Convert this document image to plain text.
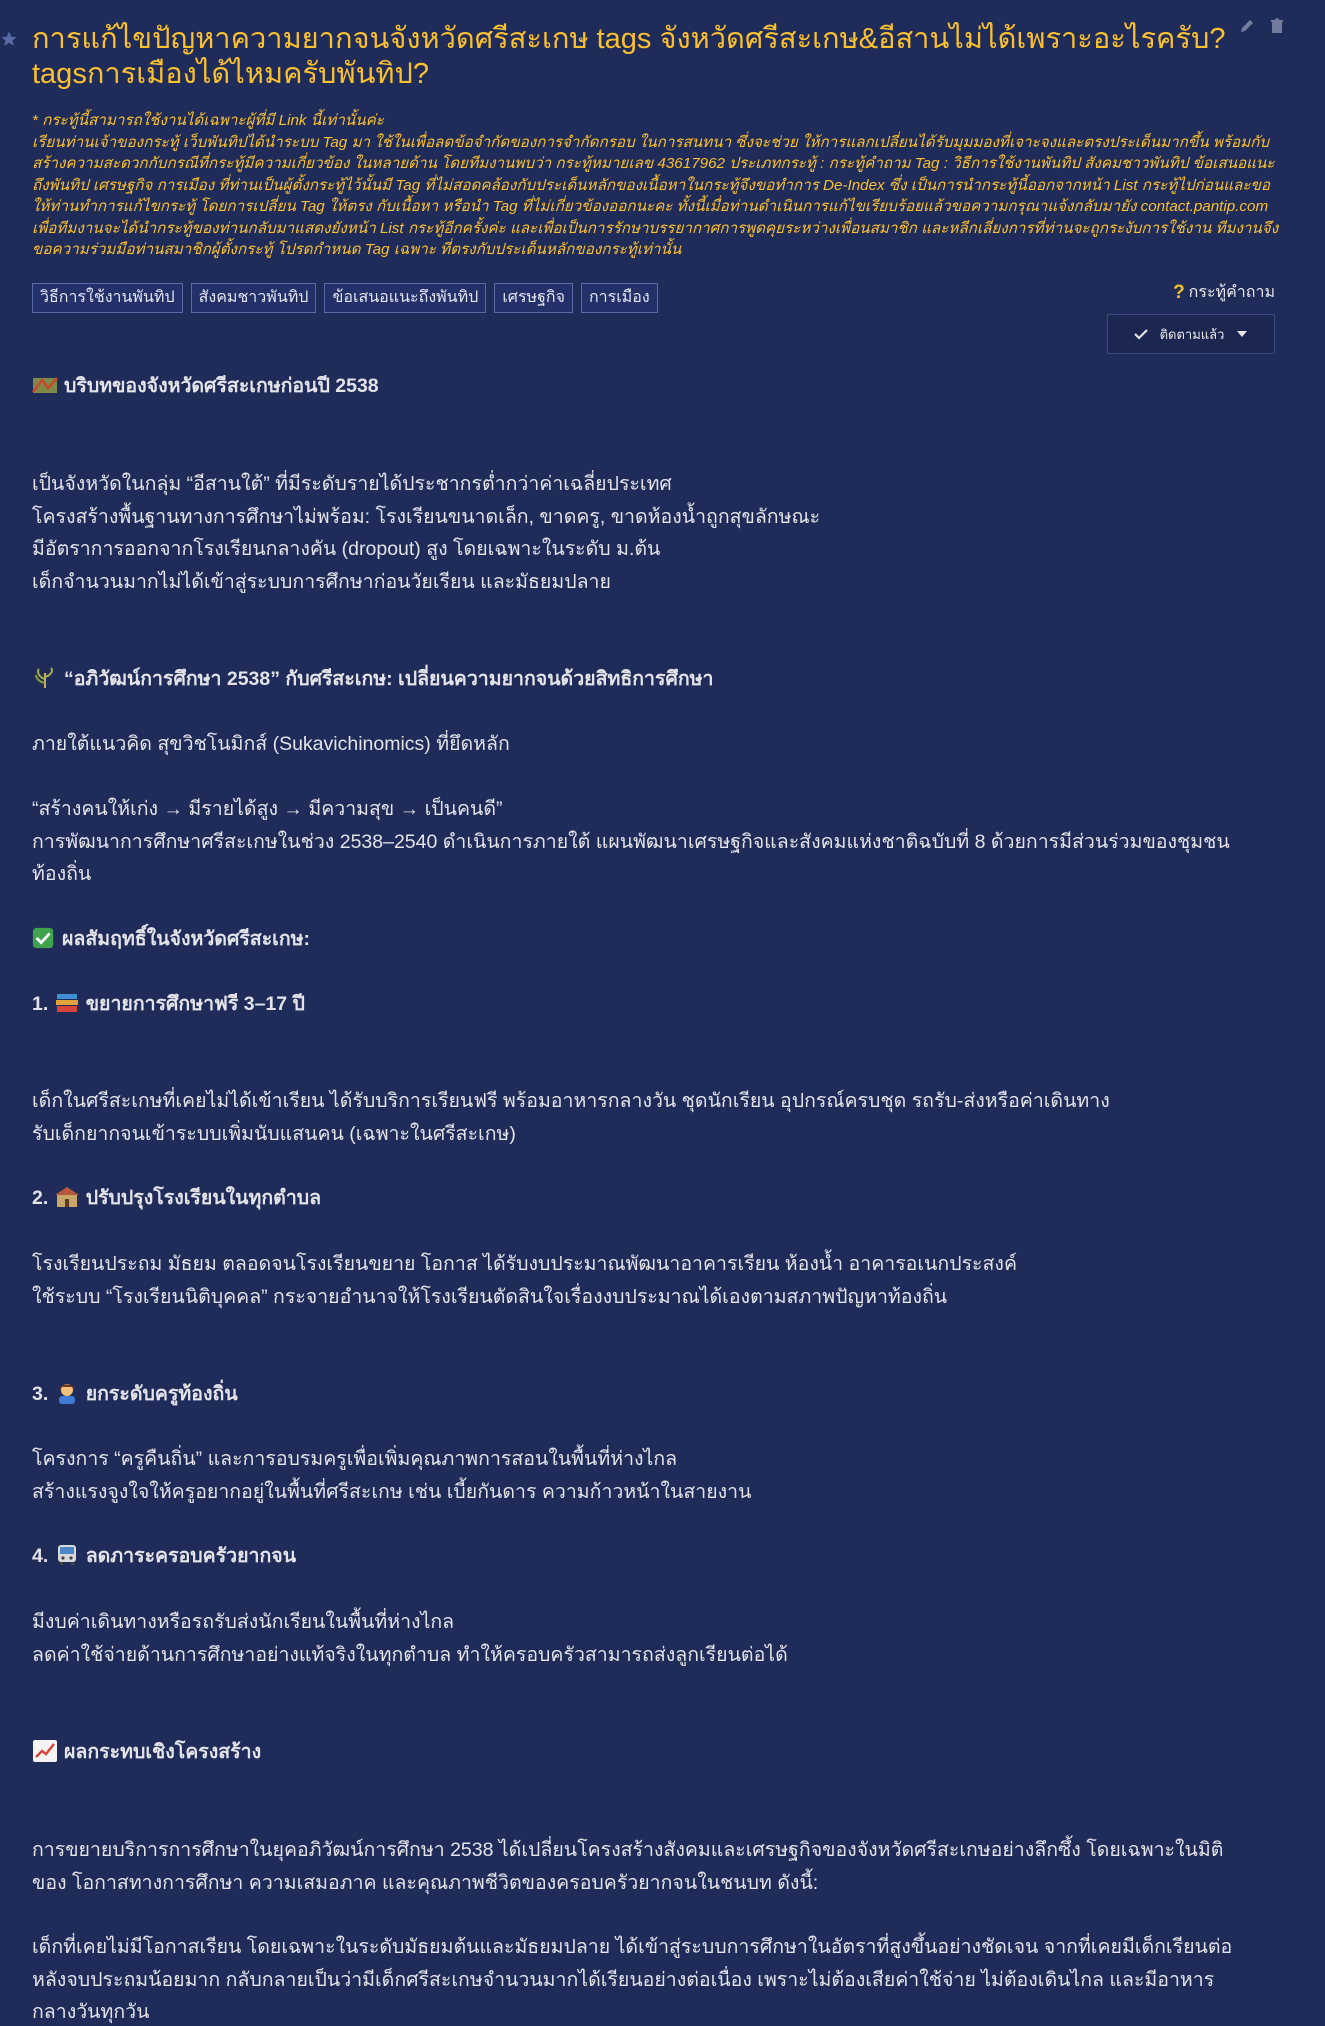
การแก้ไขปัญหาความยากจนจังหวัดศรีสะเกษ tags จังหวัดศรีสะเกษ&อีสานไม่ได้เพราะอะไรครับ? tagsการเมืองได้ไหมครับพันทิป?
* กระทู้นี้สามารถใช้งานได้เฉพาะผู้ที่มี Link นี้เท่านั้นค่ะ
เรียนท่านเจ้าของกระทู้ เว็บพันทิปได้นำระบบ Tag มา ใช้ในเพื่อลดข้อจำกัดของการจำกัดกรอบ ในการสนทนา ซึ่งจะช่วย ให้การแลกเปลี่ยนได้รับมุมมองที่เจาะจงและตรงประเด็นมากขึ้น พร้อมกับสร้างความสะดวกกับกรณีที่กระทู้มีความเกี่ยวข้อง ในหลายด้าน โดยทีมงานพบว่า กระทู้หมายเลข 43617962 ประเภทกระทู้ : กระทู้คำถาม Tag : วิธีการใช้งานพันทิป สังคมชาวพันทิป ข้อเสนอแนะถึงพันทิป เศรษฐกิจ การเมือง ที่ท่านเป็นผู้ตั้งกระทู้ไว้นั้นมี Tag ที่ไม่สอดคล้องกับประเด็นหลักของเนื้อหาในกระทู้จึงขอทำการ De-Index ซึ่ง เป็นการนำกระทู้นี้ออกจากหน้า List กระทู้ไปก่อนและขอให้ท่านทำการแก้ไขกระทู้ โดยการเปลี่ยน Tag ให้ตรง กับเนื้อหา หรือนำ Tag ที่ไม่เกี่ยวข้องออกนะคะ ทั้งนี้เมื่อท่านดำเนินการแก้ไขเรียบร้อยแล้วขอความกรุณาแจ้งกลับมายัง contact.pantip.com เพื่อทีมงานจะได้นำกระทู้ของท่านกลับมาแสดงยังหน้า List กระทู้อีกครั้งค่ะ และเพื่อเป็นการรักษาบรรยากาศการพูดคุยระหว่างเพื่อนสมาชิก และหลีกเลี่ยงการที่ท่านจะถูกระงับการใช้งาน ทีมงานจึงขอความร่วมมือท่านสมาชิกผู้ตั้งกระทู้ โปรดกำหนด Tag เฉพาะ ที่ตรงกับประเด็นหลักของกระทู้เท่านั้น
วิธีการใช้งานพันทิป	สังคมชาวพันทิป	ข้อเสนอแนะถึงพันทิป	เศรษฐกิจ	การเมือง	? กระทู้คำถาม
ติดตามแล้ว
บริบทของจังหวัดศรีสะเกษก่อนปี 2538
เป็นจังหวัดในกลุ่ม “อีสานใต้” ที่มีระดับรายได้ประชากรต่ำกว่าค่าเฉลี่ยประเทศ
โครงสร้างพื้นฐานทางการศึกษาไม่พร้อม: โรงเรียนขนาดเล็ก, ขาดครู, ขาดห้องน้ำถูกสุขลักษณะ
มีอัตราการออกจากโรงเรียนกลางคัน (dropout) สูง โดยเฉพาะในระดับ ม.ต้น
เด็กจำนวนมากไม่ได้เข้าสู่ระบบการศึกษาก่อนวัยเรียน และมัธยมปลาย
“อภิวัฒน์การศึกษา 2538” กับศรีสะเกษ: เปลี่ยนความยากจนด้วยสิทธิการศึกษา
ภายใต้แนวคิด สุขวิชโนมิกส์ (Sukavichinomics) ที่ยึดหลัก
“สร้างคนให้เก่ง → มีรายได้สูง → มีความสุข → เป็นคนดี”
การพัฒนาการศึกษาศรีสะเกษในช่วง 2538–2540 ดำเนินการภายใต้ แผนพัฒนาเศรษฐกิจและสังคมแห่งชาติฉบับที่ 8 ด้วยการมีส่วนร่วมของชุมชน
ท้องถิ่น
ผลสัมฤทธิ์ในจังหวัดศรีสะเกษ:
1. ขยายการศึกษาฟรี 3–17 ปี
เด็กในศรีสะเกษที่เคยไม่ได้เข้าเรียน ได้รับบริการเรียนฟรี พร้อมอาหารกลางวัน ชุดนักเรียน อุปกรณ์ครบชุด รถรับ-ส่งหรือค่าเดินทาง
รับเด็กยากจนเข้าระบบเพิ่มนับแสนคน (เฉพาะในศรีสะเกษ)
2. ปรับปรุงโรงเรียนในทุกตำบล
โรงเรียนประถม มัธยม ตลอดจนโรงเรียนขยาย โอกาส ได้รับงบประมาณพัฒนาอาคารเรียน ห้องน้ำ อาคารอเนกประสงค์
ใช้ระบบ “โรงเรียนนิติบุคคล” กระจายอำนาจให้โรงเรียนตัดสินใจเรื่องงบประมาณได้เองตามสภาพปัญหาท้องถิ่น
3. ยกระดับครูท้องถิ่น
โครงการ “ครูคืนถิ่น” และการอบรมครูเพื่อเพิ่มคุณภาพการสอนในพื้นที่ห่างไกล
สร้างแรงจูงใจให้ครูอยากอยู่ในพื้นที่ศรีสะเกษ เช่น เบี้ยกันดาร ความก้าวหน้าในสายงาน
4. ลดภาระครอบครัวยากจน
มีงบค่าเดินทางหรือรถรับส่งนักเรียนในพื้นที่ห่างไกล
ลดค่าใช้จ่ายด้านการศึกษาอย่างแท้จริงในทุกตำบล ทำให้ครอบครัวสามารถส่งลูกเรียนต่อได้
ผลกระทบเชิงโครงสร้าง
การขยายบริการการศึกษาในยุคอภิวัฒน์การศึกษา 2538 ได้เปลี่ยนโครงสร้างสังคมและเศรษฐกิจของจังหวัดศรีสะเกษอย่างลึกซึ้ง โดยเฉพาะในมิติ
ของ โอกาสทางการศึกษา ความเสมอภาค และคุณภาพชีวิตของครอบครัวยากจนในชนบท ดังนี้:
เด็กที่เคยไม่มีโอกาสเรียน โดยเฉพาะในระดับมัธยมต้นและมัธยมปลาย ได้เข้าสู่ระบบการศึกษาในอัตราที่สูงขึ้นอย่างชัดเจน จากที่เคยมีเด็กเรียนต่อ
หลังจบประถมน้อยมาก กลับกลายเป็นว่ามีเด็กศรีสะเกษจำนวนมากได้เรียนอย่างต่อเนื่อง เพราะไม่ต้องเสียค่าใช้จ่าย ไม่ต้องเดินไกล และมีอาหาร
กลางวันทุกวัน
